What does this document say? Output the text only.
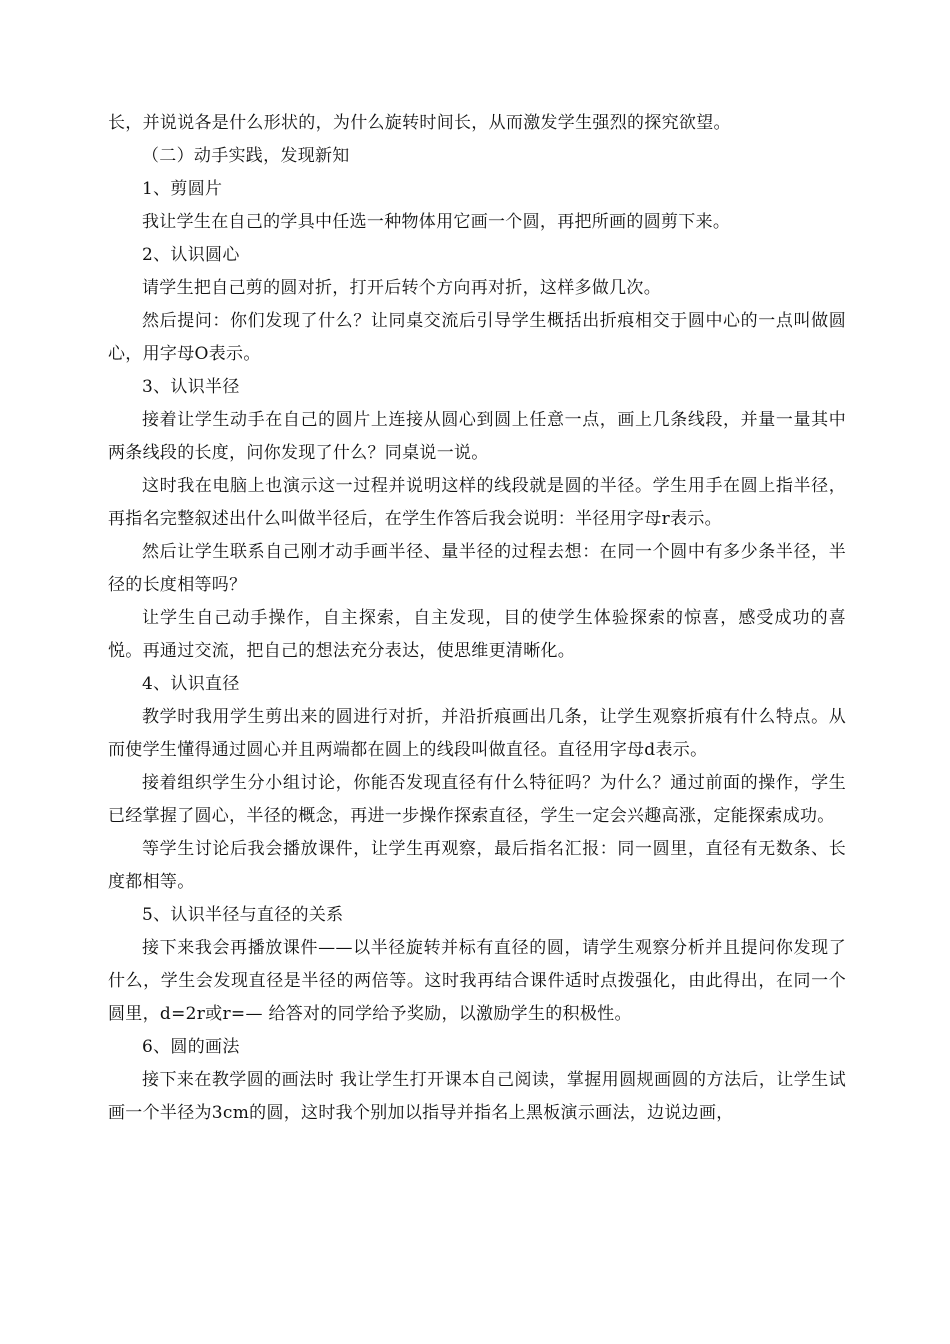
长，并说说各是什么形状的，为什么旋转时间长，从而激发学生强烈的探究欲望。

（二）动手实践，发现新知

1、剪圆片

我让学生在自己的学具中任选一种物体用它画一个圆，再把所画的圆剪下来。

2、认识圆心

请学生把自己剪的圆对折，打开后转个方向再对折，这样多做几次。

然后提问：你们发现了什么？让同桌交流后引导学生概括出折痕相交于圆中心的一点叫做圆心，用字母O表示。

3、认识半径

接着让学生动手在自己的圆片上连接从圆心到圆上任意一点，画上几条线段，并量一量其中两条线段的长度，问你发现了什么？同桌说一说。

这时我在电脑上也演示这一过程并说明这样的线段就是圆的半径。学生用手在圆上指半径，再指名完整叙述出什么叫做半径后，在学生作答后我会说明：半径用字母r表示。

然后让学生联系自己刚才动手画半径、量半径的过程去想：在同一个圆中有多少条半径，半径的长度相等吗？

让学生自己动手操作，自主探索，自主发现，目的使学生体验探索的惊喜，感受成功的喜悦。再通过交流，把自己的想法充分表达，使思维更清晰化。

4、认识直径

教学时我用学生剪出来的圆进行对折，并沿折痕画出几条，让学生观察折痕有什么特点。从而使学生懂得通过圆心并且两端都在圆上的线段叫做直径。直径用字母d表示。

接着组织学生分小组讨论，你能否发现直径有什么特征吗？为什么？通过前面的操作，学生已经掌握了圆心，半径的概念，再进一步操作探索直径，学生一定会兴趣高涨，定能探索成功。

等学生讨论后我会播放课件，让学生再观察，最后指名汇报：同一圆里，直径有无数条、长度都相等。

5、认识半径与直径的关系

接下来我会再播放课件——以半径旋转并标有直径的圆，请学生观察分析并且提问你发现了什么，学生会发现直径是半径的两倍等。这时我再结合课件适时点拨强化，由此得出，在同一个圆里，d=2r或r=— 给答对的同学给予奖励，以激励学生的积极性。

6、圆的画法

接下来在教学圆的画法时 我让学生打开课本自己阅读，掌握用圆规画圆的方法后，让学生试画一个半径为3cm的圆，这时我个别加以指导并指名上黑板演示画法，边说边画，
